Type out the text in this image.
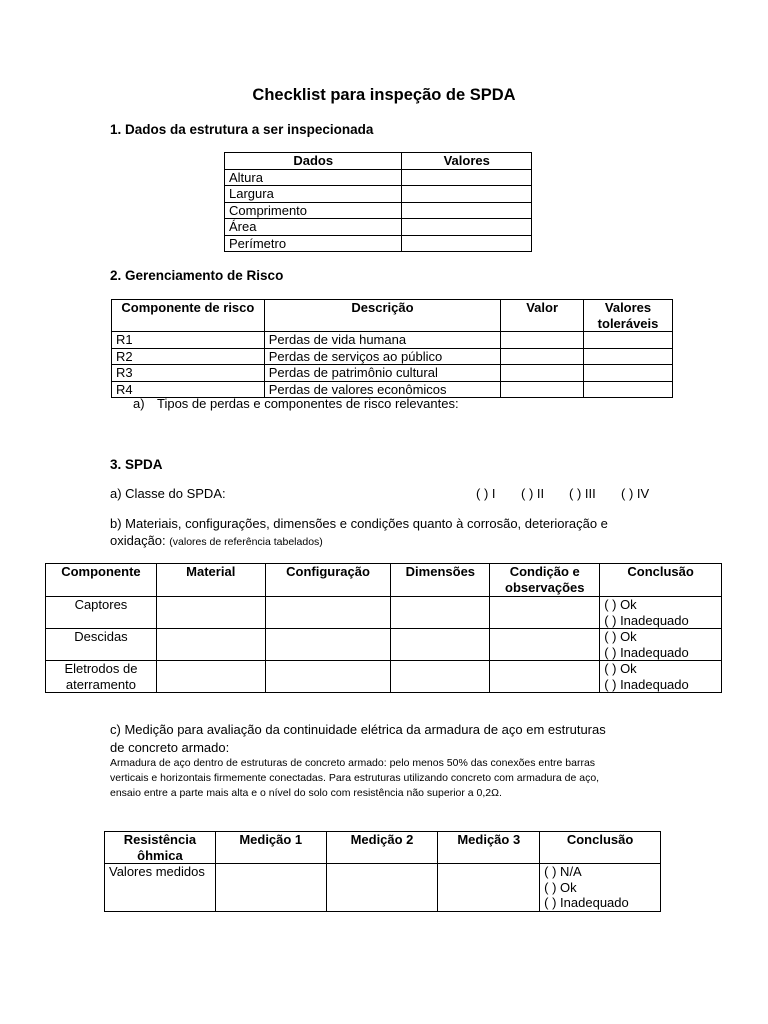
Checklist para inspeção de SPDA
1. Dados da estrutura a ser inspecionada
Dados	Valores
Altura	
Largura	
Comprimento	
Área	
Perímetro	
2. Gerenciamento de Risco
Componente de risco	Descrição	Valor	Valores toleráveis
R1	Perdas de vida humana		
R2	Perdas de serviços ao público		
R3	Perdas de patrimônio cultural		
R4	Perdas de valores econômicos		
a) Tipos de perdas e componentes de risco relevantes:
3. SPDA
a) Classe do SPDA:	( ) I ( ) II ( ) III ( ) IV
b) Materiais, configurações, dimensões e condições quanto à corrosão, deterioração e
oxidação: (valores de referência tabelados)
Componente	Material	Configuração	Dimensões	Condição e observações	Conclusão
Captores					( ) Ok
( ) Inadequado

Descidas					( ) Ok
( ) Inadequado

Eletrodos de aterramento					( ) Ok
( ) Inadequado
c) Medição para avaliação da continuidade elétrica da armadura de aço em estruturas
de concreto armado:
Armadura de aço dentro de estruturas de concreto armado: pelo menos 50% das conexões entre barras
verticais e horizontais firmemente conectadas. Para estruturas utilizando concreto com armadura de aço,
ensaio entre a parte mais alta e o nível do solo com resistência não superior a 0,2Ω.
Resistência ôhmica	Medição 1	Medição 2	Medição 3	Conclusão
Valores medidos				( ) N/A
( ) Ok
( ) Inadequado
